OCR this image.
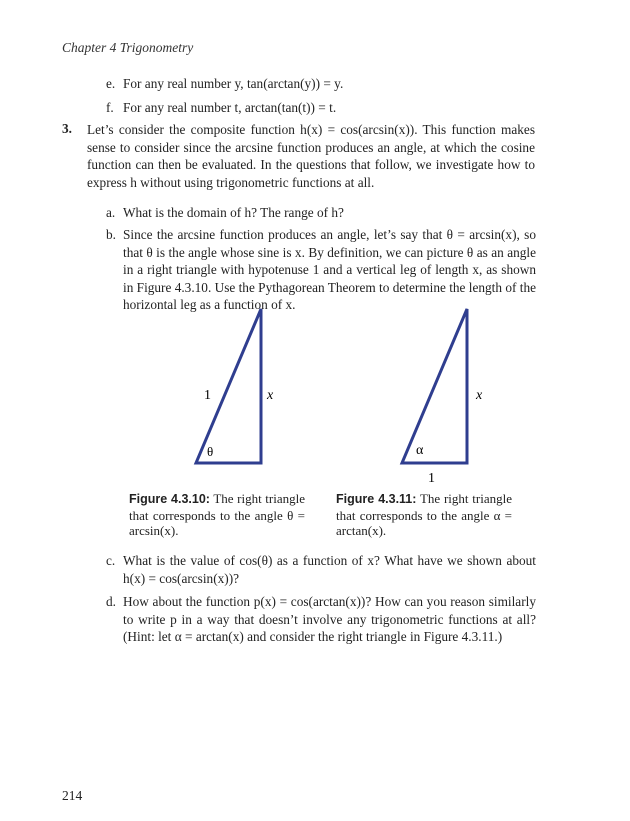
Chapter 4 Trigonometry
e. For any real number y, tan(arctan(y)) = y.
f. For any real number t, arctan(tan(t)) = t.
3. Let’s consider the composite function h(x) = cos(arcsin(x)). This function makes sense to consider since the arcsine function produces an angle, at which the cosine function can then be evaluated. In the questions that follow, we investigate how to express h without using trigonometric functions at all.
a. What is the domain of h? The range of h?
b. Since the arcsine function produces an angle, let’s say that θ = arcsin(x), so that θ is the angle whose sine is x. By definition, we can picture θ as an angle in a right triangle with hypotenuse 1 and a vertical leg of length x, as shown in Figure 4.3.10. Use the Pythagorean Theorem to determine the length of the horizontal leg as a function of x.
1	x
θ
x
1
α
Figure 4.3.10: The right triangle that corresponds to the angle θ = arcsin(x).
Figure 4.3.11: The right triangle that corresponds to the angle α = arctan(x).
c. What is the value of cos(θ) as a function of x? What have we shown about h(x) = cos(arcsin(x))?
d. How about the function p(x) = cos(arctan(x))? How can you reason similarly to write p in a way that doesn’t involve any trigonometric functions at all? (Hint: let α = arctan(x) and consider the right triangle in Figure 4.3.11.)
214
